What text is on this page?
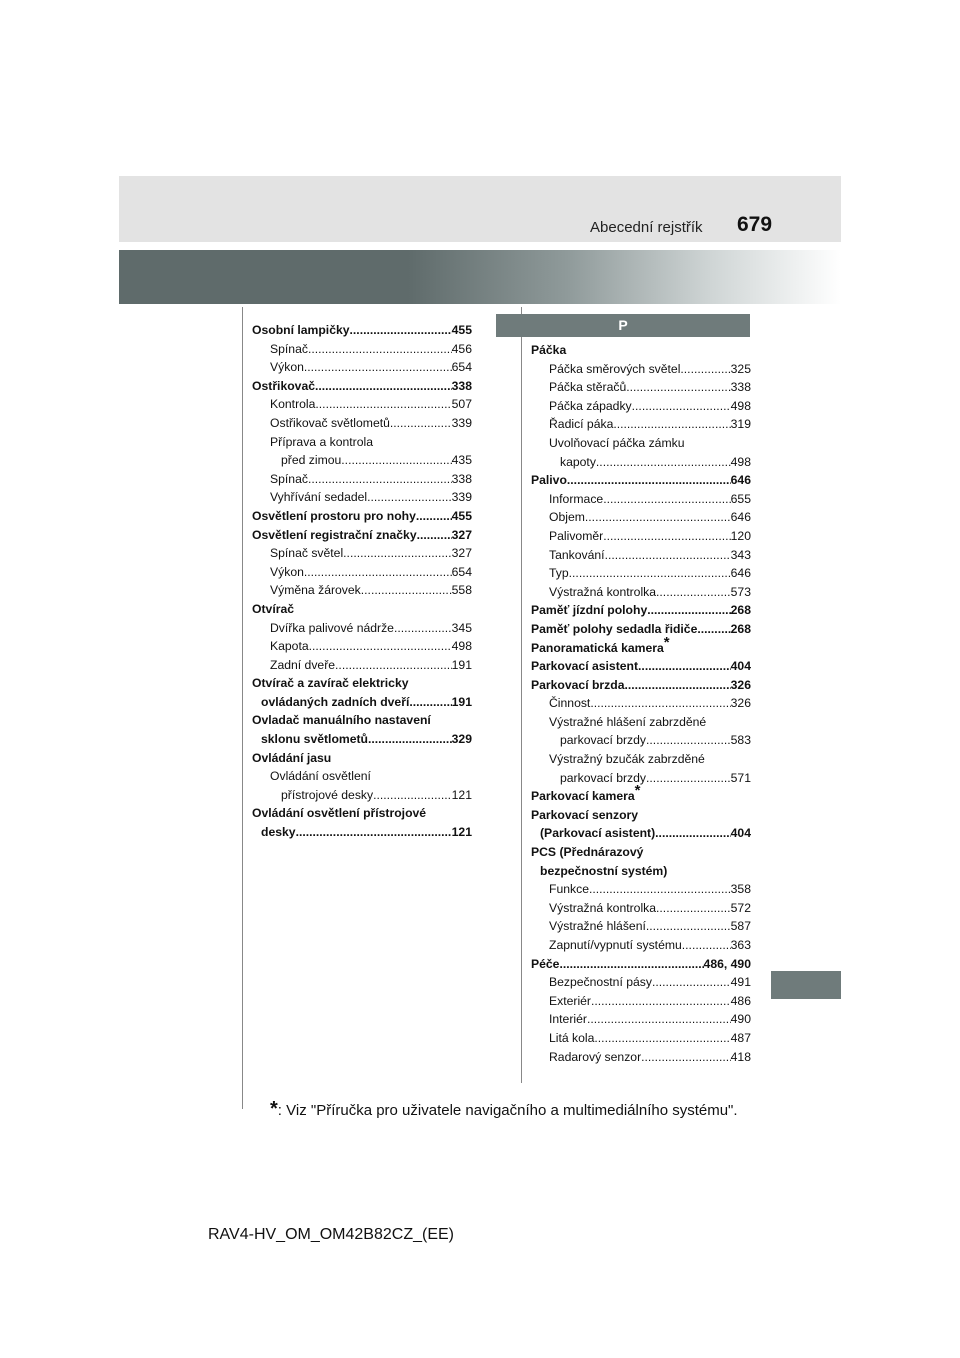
Abecední rejstřík 679
P
Osobní lampičky .....	455
Spínač .....	456
Výkon .....	654
Ostřikovač .....	338
Kontrola .....	507
Ostřikovač světlometů .....	339
Příprava a kontrola
před zimou .....	435
Spínač .....	338
Vyhřívání sedadel .....	339
Osvětlení prostoru pro nohy .....	455
Osvětlení registrační značky .....	327
Spínač světel .....	327
Výkon .....	654
Výměna žárovek .....	558
Otvírač
Dvířka palivové nádrže .....	345
Kapota .....	498
Zadní dveře .....	191
Otvírač a zavírač elektricky
ovládaných zadních dveří .....	191
Ovladač manuálního nastavení
sklonu světlometů .....	329
Ovládání jasu
Ovládání osvětlení
přístrojové desky .....	121
Ovládání osvětlení přístrojové
desky .....	121
Páčka
Páčka směrových světel .....	325
Páčka stěračů .....	338
Páčka západky .....	498
Řadicí páka .....	319
Uvolňovací páčka zámku
kapoty .....	498
Palivo .....	646
Informace .....	655
Objem .....	646
Palivoměr .....	120
Tankování .....	343
Typ .....	646
Výstražná kontrolka .....	573
Paměť jízdní polohy .....	268
Paměť polohy sedadla řidiče .....	268
Panoramatická kamera *
Parkovací asistent .....	404
Parkovací brzda .....	326
Činnost .....	326
Výstražné hlášení zabrzděné
parkovací brzdy .....	583
Výstražný bzučák zabrzděné
parkovací brzdy .....	571
Parkovací kamera *
Parkovací senzory
(Parkovací asistent) .....	404
PCS (Přednárazový
bezpečnostní systém)
Funkce .....	358
Výstražná kontrolka .....	572
Výstražné hlášení .....	587
Zapnutí/vypnutí systému .....	363
Péče .....	486, 490
Bezpečnostní pásy .....	491
Exteriér .....	486
Interiér .....	490
Litá kola .....	487
Radarový senzor .....	418
*: Viz "Příručka pro uživatele navigačního a multimediálního systému".
RAV4-HV_OM_OM42B82CZ_(EE)
